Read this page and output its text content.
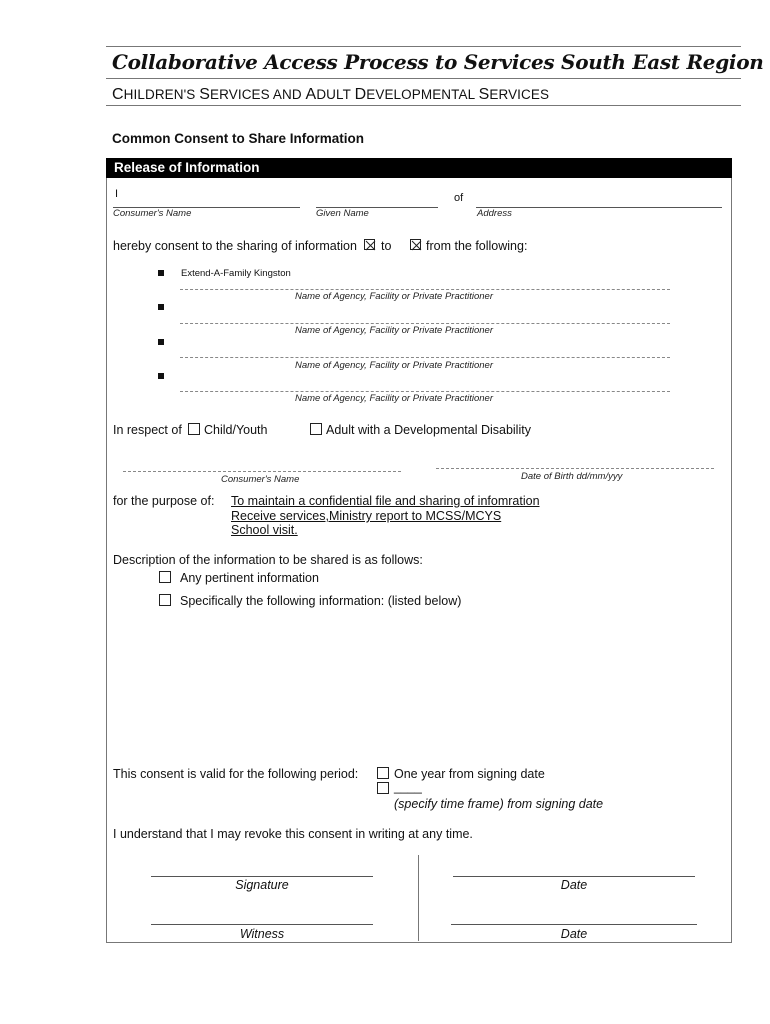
Collaborative Access Process to Services South East Region
CHILDREN'S SERVICES AND ADULT DEVELOPMENTAL SERVICES
Common Consent to Share Information
Release of Information
I	of
Consumer's Name	Given Name	Address
hereby consent to the sharing of information to	from the following:
Extend-A-Family Kingston
Name of Agency, Facility or Private Practitioner
Name of Agency, Facility or Private Practitioner
Name of Agency, Facility or Private Practitioner
Name of Agency, Facility or Private Practitioner
In respect of Child/Youth	Adult with a Developmental Disability
Consumer's Name	Date of Birth dd/mm/yyy
for the purpose of: To maintain a confidential file and sharing of infomration
Receive services,Ministry report to MCSS/MCYS
School visit.
Description of the information to be shared is as follows:
Any pertinent information
Specifically the following information: (listed below)
This consent is valid for the following period:	One year from signing date
____
(specify time frame) from signing date
I understand that I may revoke this consent in writing at any time.
Signature	Date
Witness	Date
